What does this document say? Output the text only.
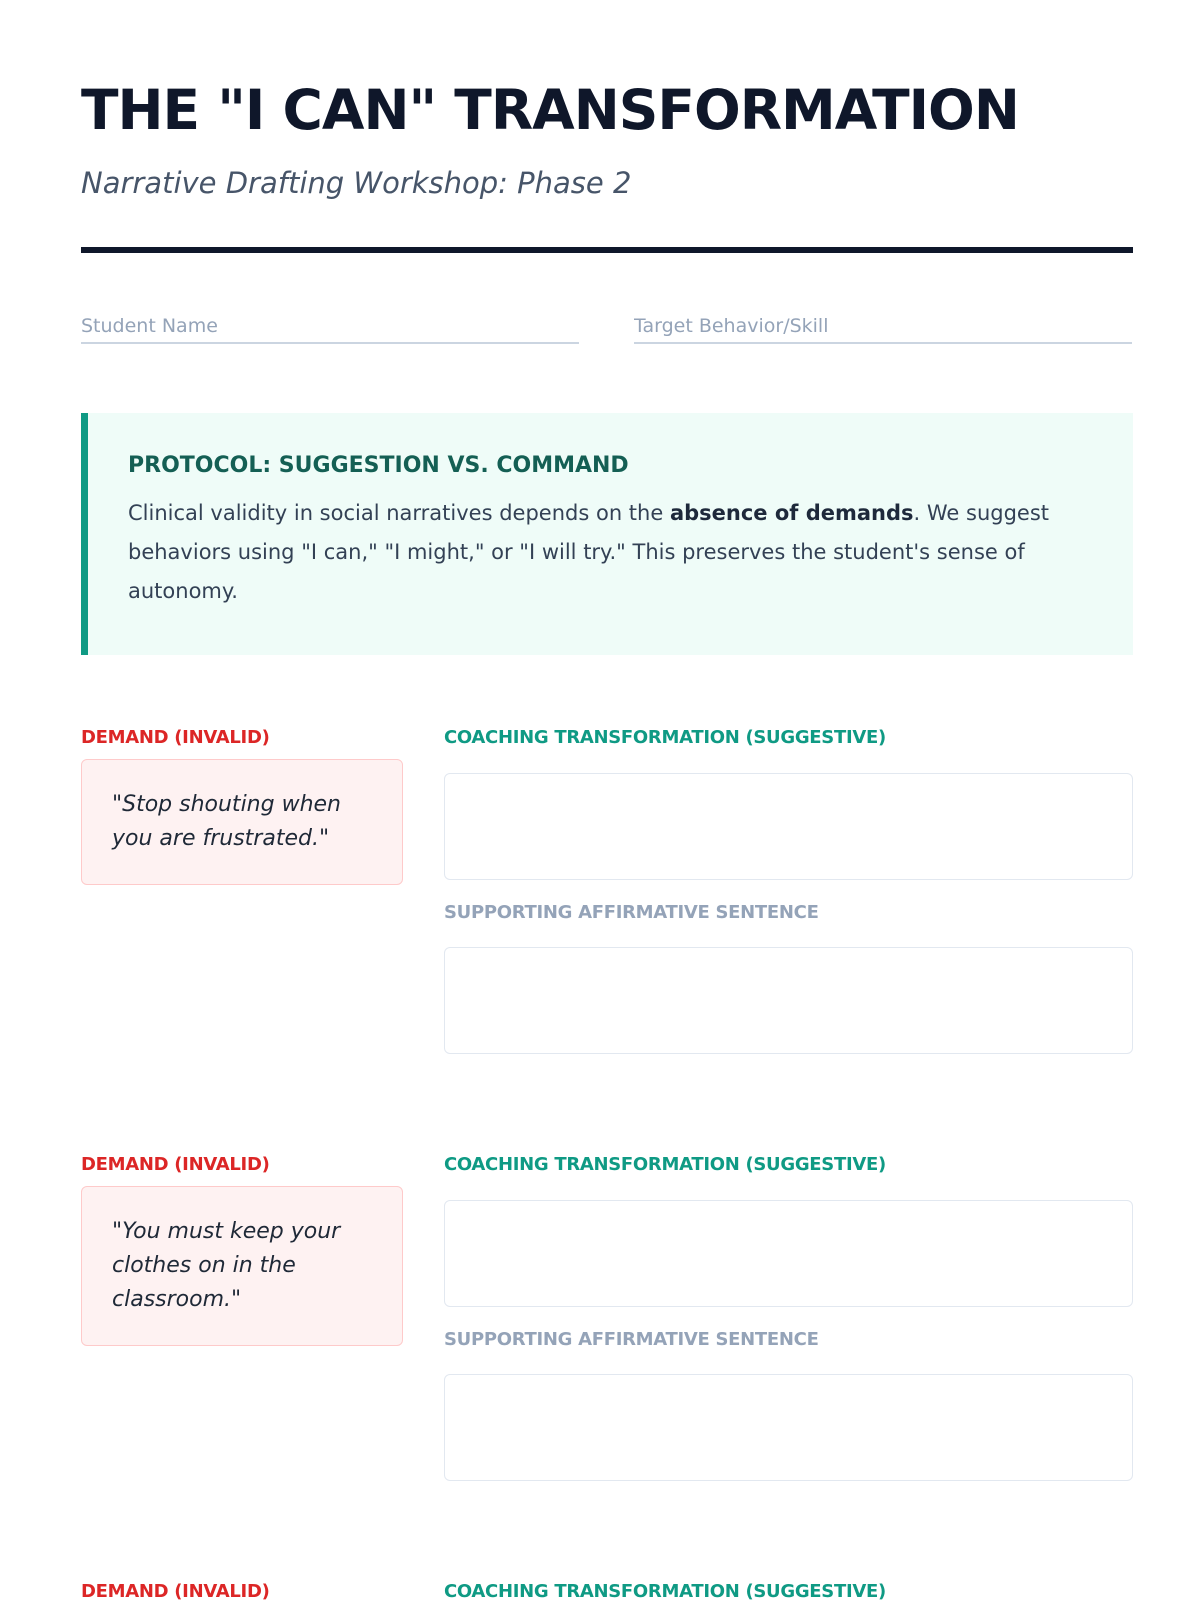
THE "I CAN" TRANSFORMATION

Narrative Drafting Workshop: Phase 2

Student Name
Target Behavior/Skill
PROTOCOL: SUGGESTION VS. COMMAND

Clinical validity in social narratives depends on the absence of demands. We suggest behaviors using "I can," "I might," or "I will try." This preserves the student's sense of autonomy.

DEMAND (INVALID)	COACHING TRANSFORMATION (SUGGESTIVE)
"Stop shouting when you are frustrated."
SUPPORTING AFFIRMATIVE SENTENCE
DEMAND (INVALID)	COACHING TRANSFORMATION (SUGGESTIVE)
"You must keep your clothes on in the classroom."
SUPPORTING AFFIRMATIVE SENTENCE
DEMAND (INVALID)	COACHING TRANSFORMATION (SUGGESTIVE)
